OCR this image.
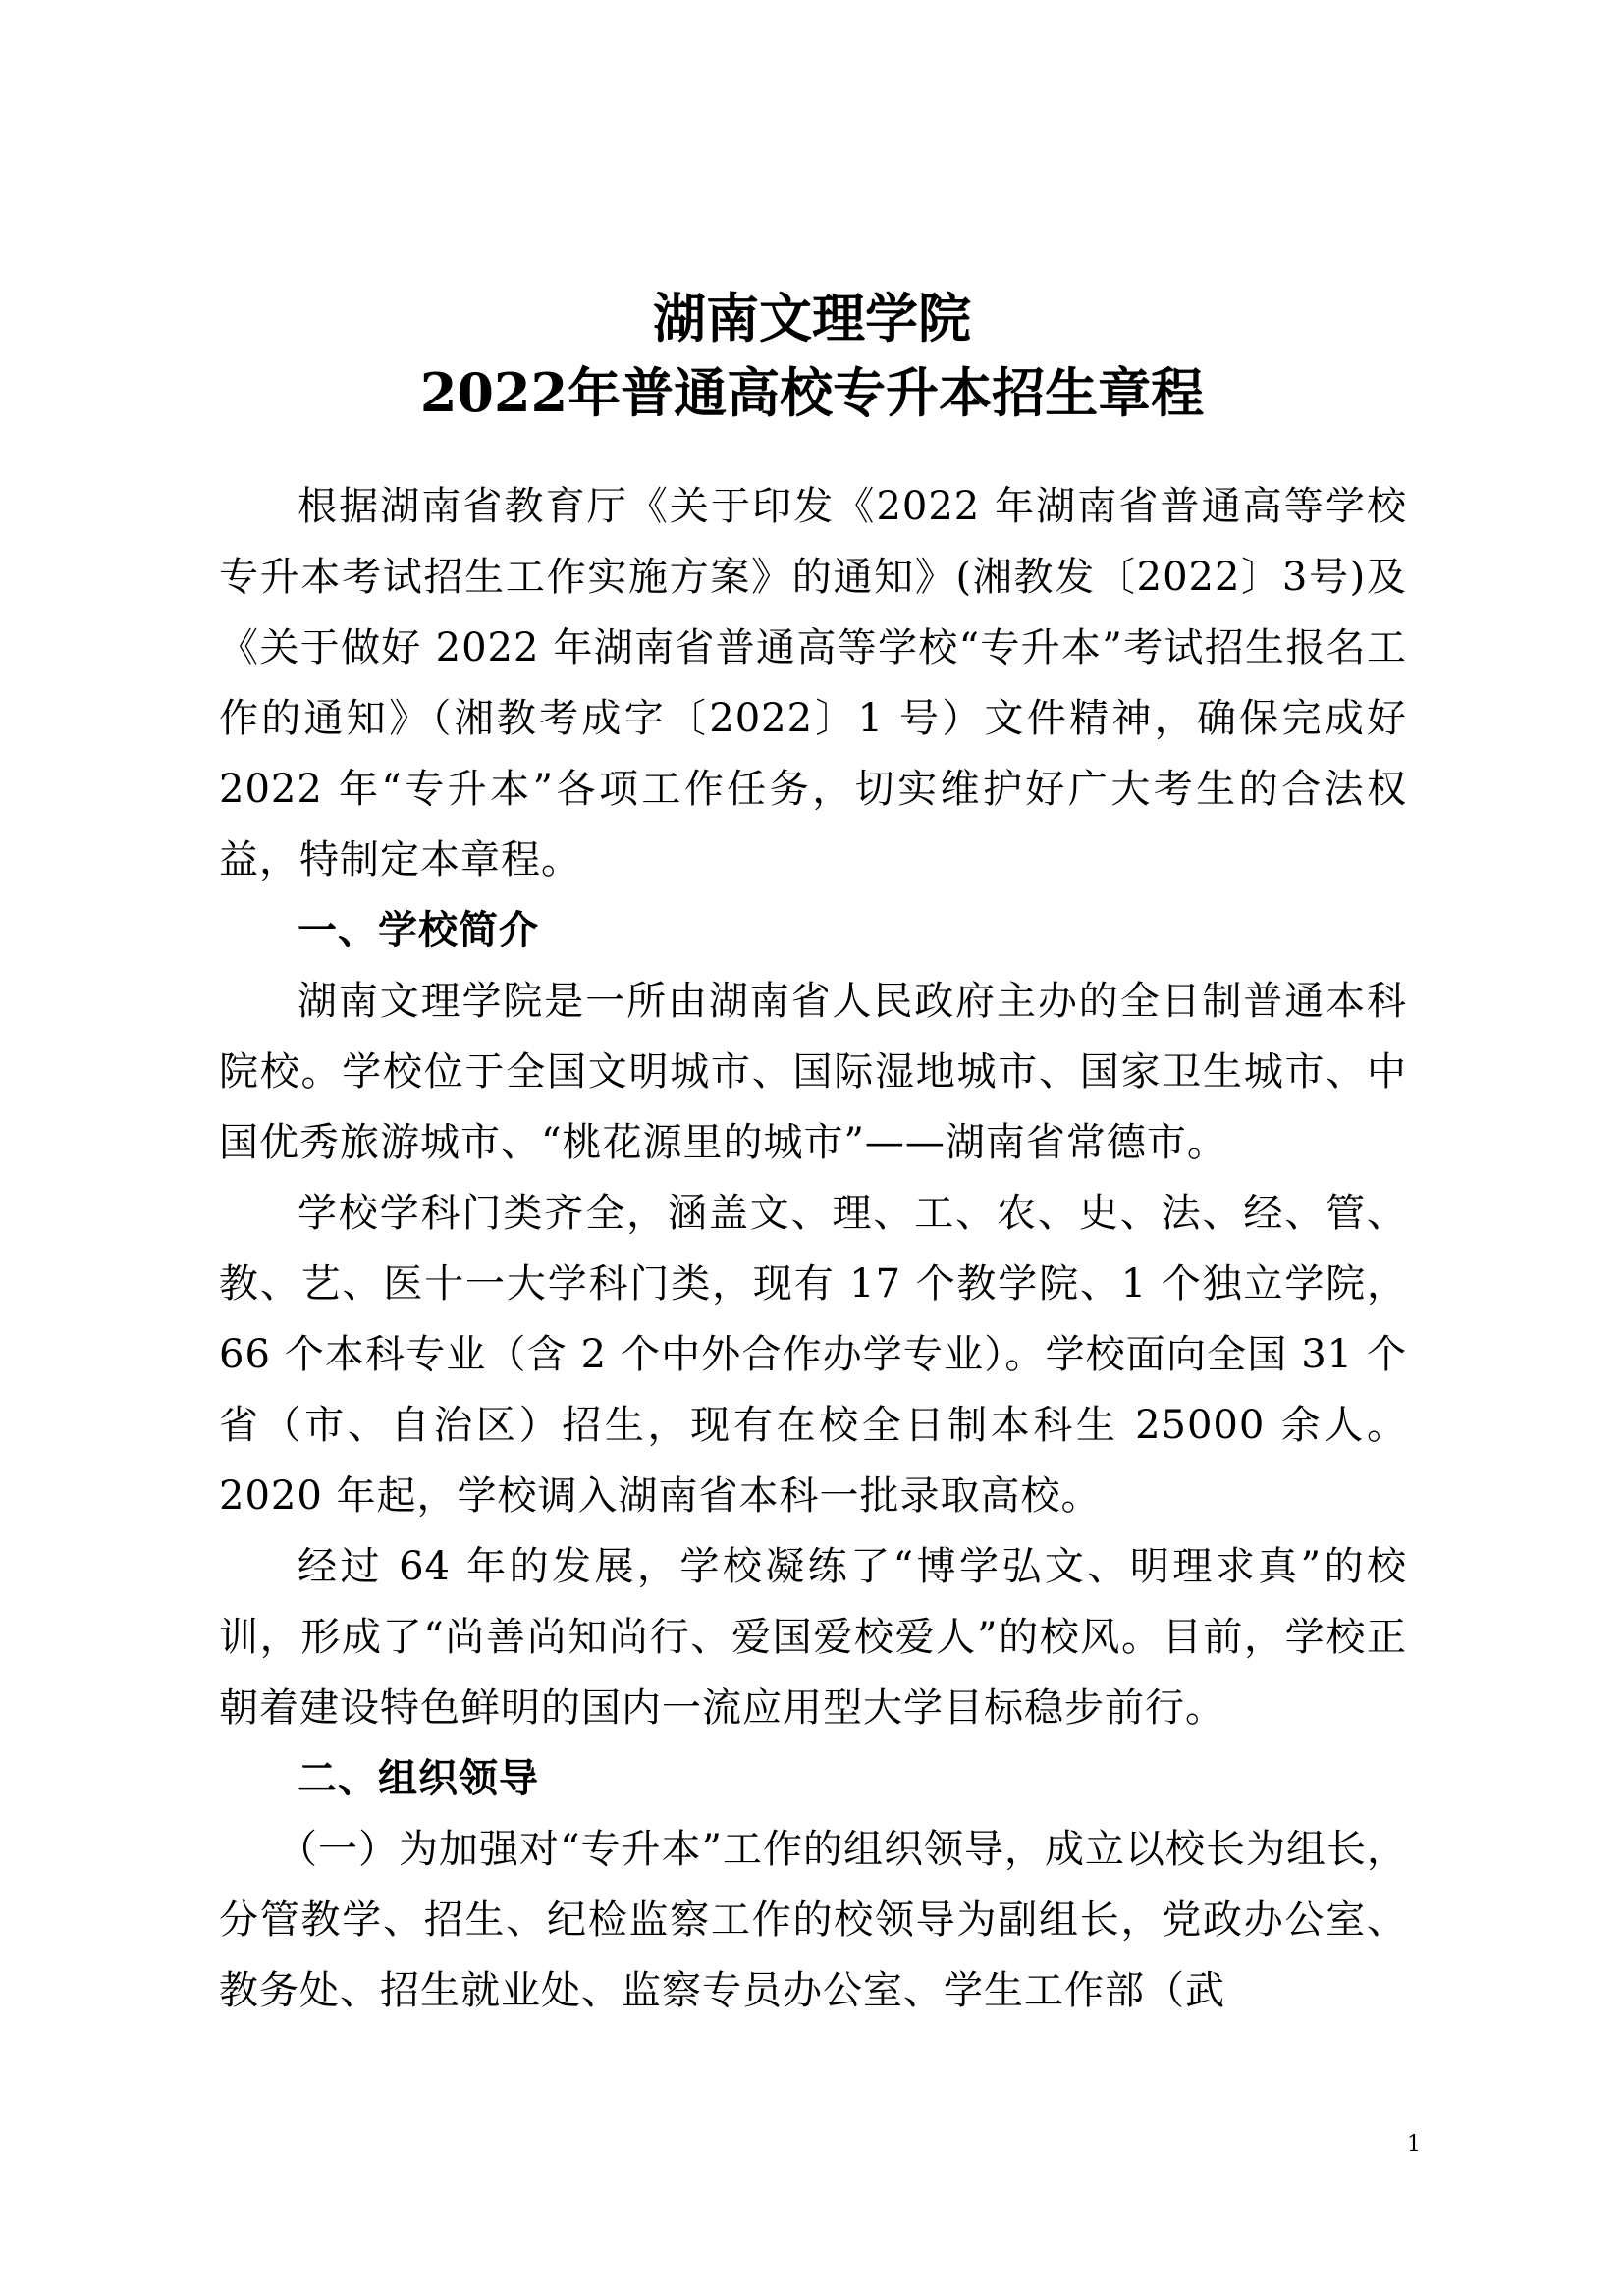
湖南文理学院
2022年普通高校专升本招生章程

根据湖南省教育厅《关于印发《2022 年湖南省普通高等学校专升本考试招生工作实施方案》的通知》(湘教发〔2022〕3号)及《关于做好 2022 年湖南省普通高等学校“专升本”考试招生报名工作的通知》（湘教考成字〔2022〕1 号）文件精神，确保完成好 2022 年“专升本”各项工作任务，切实维护好广大考生的合法权益，特制定本章程。

一、学校简介

湖南文理学院是一所由湖南省人民政府主办的全日制普通本科院校。学校位于全国文明城市、国际湿地城市、国家卫生城市、中国优秀旅游城市、“桃花源里的城市”——湖南省常德市。

学校学科门类齐全，涵盖文、理、工、农、史、法、经、管、教、艺、医十一大学科门类，现有 17 个教学院、1 个独立学院，66 个本科专业（含 2 个中外合作办学专业）。学校面向全国 31 个省（市、自治区）招生，现有在校全日制本科生 25000 余人。2020 年起，学校调入湖南省本科一批录取高校。

经过 64 年的发展，学校凝练了“博学弘文、明理求真”的校训，形成了“尚善尚知尚行、爱国爱校爱人”的校风。目前，学校正朝着建设特色鲜明的国内一流应用型大学目标稳步前行。

二、组织领导

（一）为加强对“专升本”工作的组织领导，成立以校长为组长，分管教学、招生、纪检监察工作的校领导为副组长，党政办公室、教务处、招生就业处、监察专员办公室、学生工作部（武

1
